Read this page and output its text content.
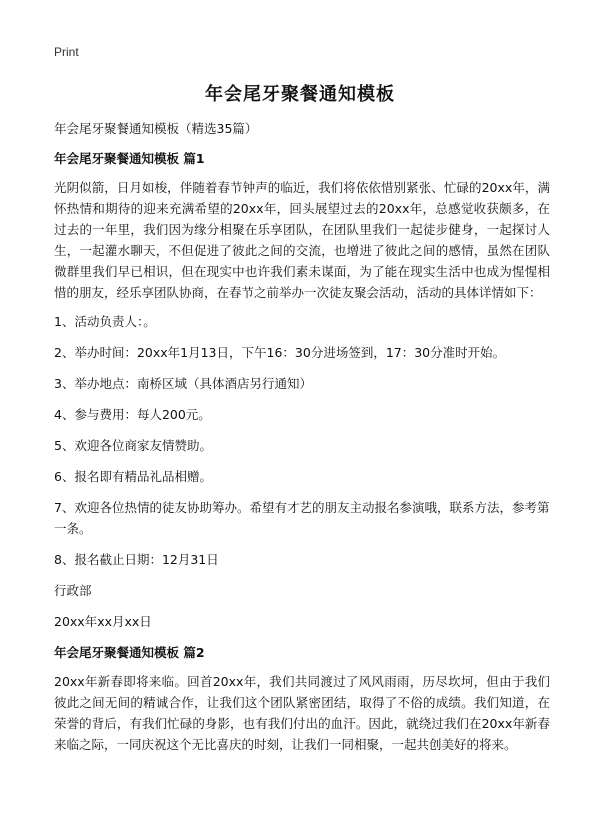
Print
年会尾牙聚餐通知模板
年会尾牙聚餐通知模板（精选35篇）
年会尾牙聚餐通知模板 篇1
光阴似箭，日月如梭，伴随着春节钟声的临近，我们将依依惜别紧张、忙碌的20xx年，满怀热情和期待的迎来充满希望的20xx年，回头展望过去的20xx年，总感觉收获颇多，在过去的一年里，我们因为缘分相聚在乐享团队，在团队里我们一起徒步健身，一起探讨人生，一起灌水聊天，不但促进了彼此之间的交流，也增进了彼此之间的感情，虽然在团队微群里我们早已相识，但在现实中也许我们素未谋面，为了能在现实生活中也成为惺惺相惜的朋友，经乐享团队协商，在春节之前举办一次徒友聚会活动，活动的具体详情如下：
1、活动负责人：。
2、举办时间：20xx年1月13日，下午16：30分进场签到，17：30分准时开始。
3、举办地点：南桥区域（具体酒店另行通知）
4、参与费用：每人200元。
5、欢迎各位商家友情赞助。
6、报名即有精品礼品相赠。
7、欢迎各位热情的徒友协助筹办。希望有才艺的朋友主动报名参演哦，联系方法，参考第一条。
8、报名截止日期：12月31日
行政部
20xx年xx月xx日
年会尾牙聚餐通知模板 篇2
20xx年新春即将来临。回首20xx年，我们共同渡过了风风雨雨，历尽坎坷，但由于我们彼此之间无间的精诚合作，让我们这个团队紧密团结，取得了不俗的成绩。我们知道，在荣誉的背后，有我们忙碌的身影，也有我们付出的血汗。因此，就绕过我们在20xx年新春来临之际，一同庆祝这个无比喜庆的时刻，让我们一同相聚，一起共创美好的将来。
